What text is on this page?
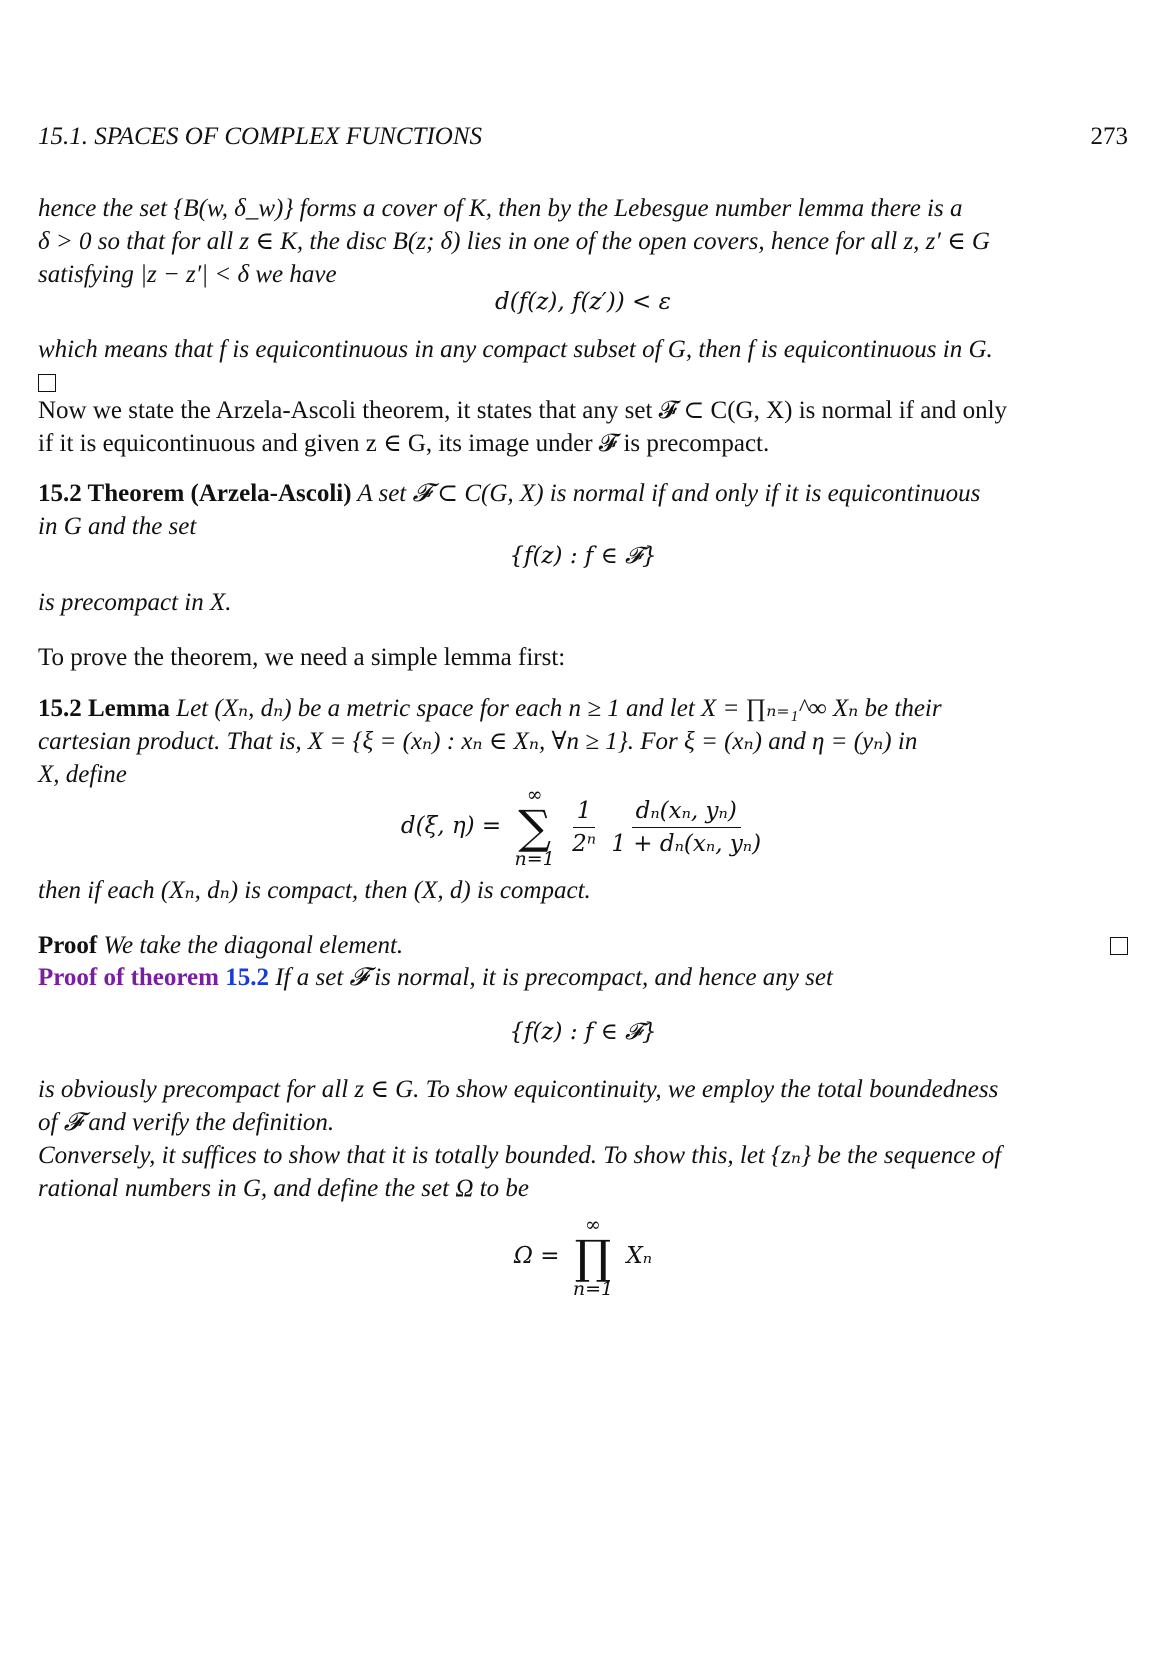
15.1. SPACES OF COMPLEX FUNCTIONS	273
hence the set {B(w, δ_w)} forms a cover of K, then by the Lebesgue number lemma there is a
δ > 0 so that for all z ∈ K, the disc B(z; δ) lies in one of the open covers, hence for all z, z′ ∈ G
satisfying |z − z′| < δ we have
d(f(z), f(z′)) < ε
which means that f is equicontinuous in any compact subset of G, then f is equicontinuous in G.
Now we state the Arzela-Ascoli theorem, it states that any set 𝓕 ⊂ C(G, X) is normal if and only
if it is equicontinuous and given z ∈ G, its image under 𝓕 is precompact.
15.2 Theorem (Arzela-Ascoli) A set 𝓕 ⊂ C(G, X) is normal if and only if it is equicontinuous
in G and the set
{f(z) : f ∈ 𝓕}
is precompact in X.
To prove the theorem, we need a simple lemma first:
15.2 Lemma Let (Xₙ, dₙ) be a metric space for each n ≥ 1 and let X = ∏ₙ₌₁^∞ Xₙ be their
cartesian product. That is, X = {ξ = (xₙ) : xₙ ∈ Xₙ, ∀n ≥ 1}. For ξ = (xₙ) and η = (yₙ) in
X, define
d(ξ, η) =
∞
∑
n=1
$\frac{1}{\text{2ⁿ}}$
$\frac{\text{dₙ(xₙ, yₙ)}}{\text{1 + dₙ(xₙ, yₙ)}}$
then if each (Xₙ, dₙ) is compact, then (X, d) is compact.
Proof We take the diagonal element.
Proof of theorem 15.2 If a set 𝓕 is normal, it is precompact, and hence any set
{f(z) : f ∈ 𝓕}
is obviously precompact for all z ∈ G. To show equicontinuity, we employ the total boundedness
of 𝓕 and verify the definition.
Conversely, it suffices to show that it is totally bounded. To show this, let {zₙ} be the sequence of
rational numbers in G, and define the set Ω to be
Ω =
∞
∏
n=1
Xₙ
